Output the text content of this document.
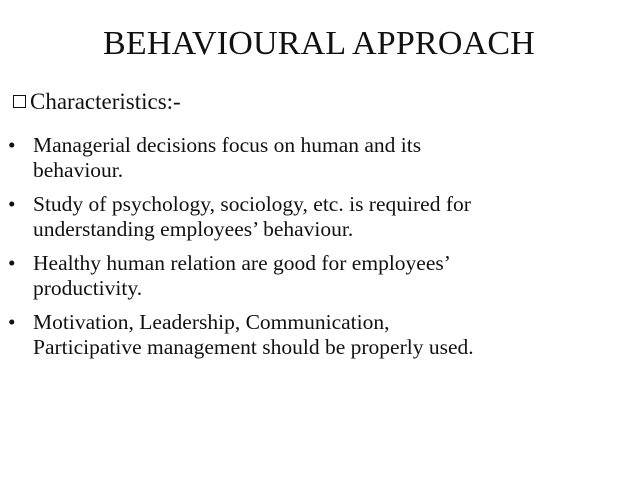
BEHAVIOURAL APPROACH
Characteristics:-
• Managerial decisions focus on human and its
behaviour.
• Study of psychology, sociology, etc. is required for
understanding employees’ behaviour.
• Healthy human relation are good for employees’
productivity.
• Motivation, Leadership, Communication,
Participative management should be properly used.
